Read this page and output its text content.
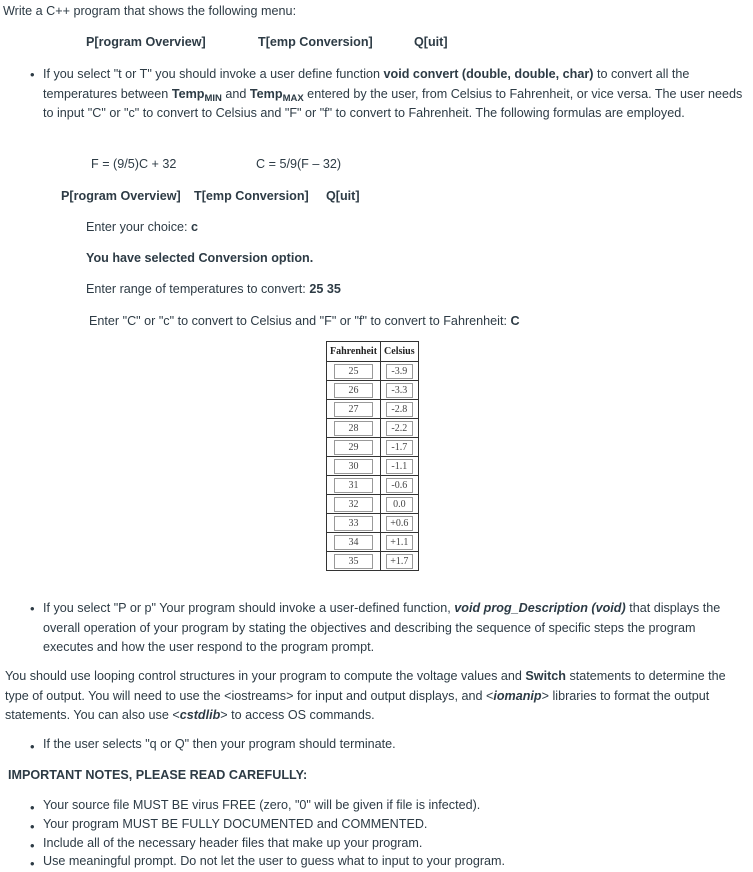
Write a C++ program that shows the following menu:
P[rogram Overview]	T[emp Conversion]	Q[uit]
• If you select "t or T" you should invoke a user define function void convert (double, double, char) to convert all the
temperatures between Temp$_{MIN}$ and Temp$_{MAX}$ entered by the user, from Celsius to Fahrenheit, or vice versa. The user needs
to input "C" or "c" to convert to Celsius and "F" or "f" to convert to Fahrenheit. The following formulas are employed.
F = (9/5)C + 32	C = 5/9(F – 32)
P[rogram Overview] T[emp Conversion] Q[uit]
Enter your choice: c
You have selected Conversion option.
Enter range of temperatures to convert: 25 35
Enter "C" or "c" to convert to Celsius and "F" or "f" to convert to Fahrenheit: C
Fahrenheit	Celsius
25	-3.9
26	-3.3
27	-2.8
28	-2.2
29	-1.7
30	-1.1
31	-0.6
32	0.0
33	+0.6
34	+1.1
35	+1.7
• If you select "P or p" Your program should invoke a user-defined function, void prog_Description (void) that displays the
overall operation of your program by stating the objectives and describing the sequence of specific steps the program
executes and how the user respond to the program prompt.
You should use looping control structures in your program to compute the voltage values and Switch statements to determine the
type of output. You will need to use the <iostreams> for input and output displays, and <iomanip> libraries to format the output
statements. You can also use <cstdlib> to access OS commands.
• If the user selects "q or Q" then your program should terminate.
IMPORTANT NOTES, PLEASE READ CAREFULLY:
• Your source file MUST BE virus FREE (zero, "0" will be given if file is infected).
• Your program MUST BE FULLY DOCUMENTED and COMMENTED.
• Include all of the necessary header files that make up your program.
• Use meaningful prompt. Do not let the user to guess what to input to your program.
